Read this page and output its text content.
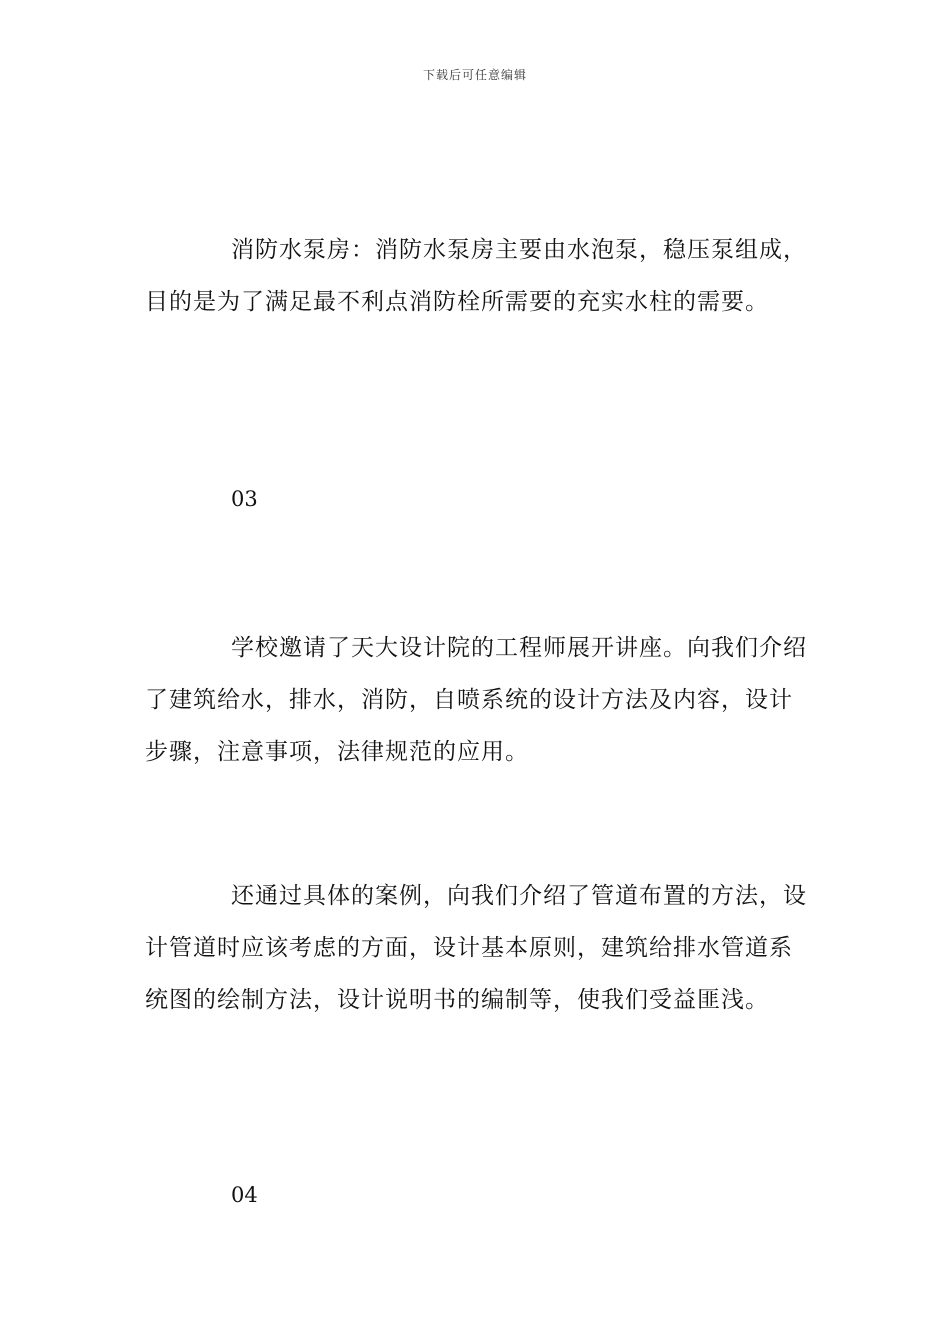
下载后可任意编辑

消防水泵房：消防水泵房主要由水泡泵，稳压泵组成，目的是为了满足最不利点消防栓所需要的充实水柱的需要。

03

学校邀请了天大设计院的工程师展开讲座。向我们介绍了建筑给水，排水，消防，自喷系统的设计方法及内容，设计步骤，注意事项，法律规范的应用。

还通过具体的案例，向我们介绍了管道布置的方法，设计管道时应该考虑的方面，设计基本原则，建筑给排水管道系统图的绘制方法，设计说明书的编制等，使我们受益匪浅。

04
